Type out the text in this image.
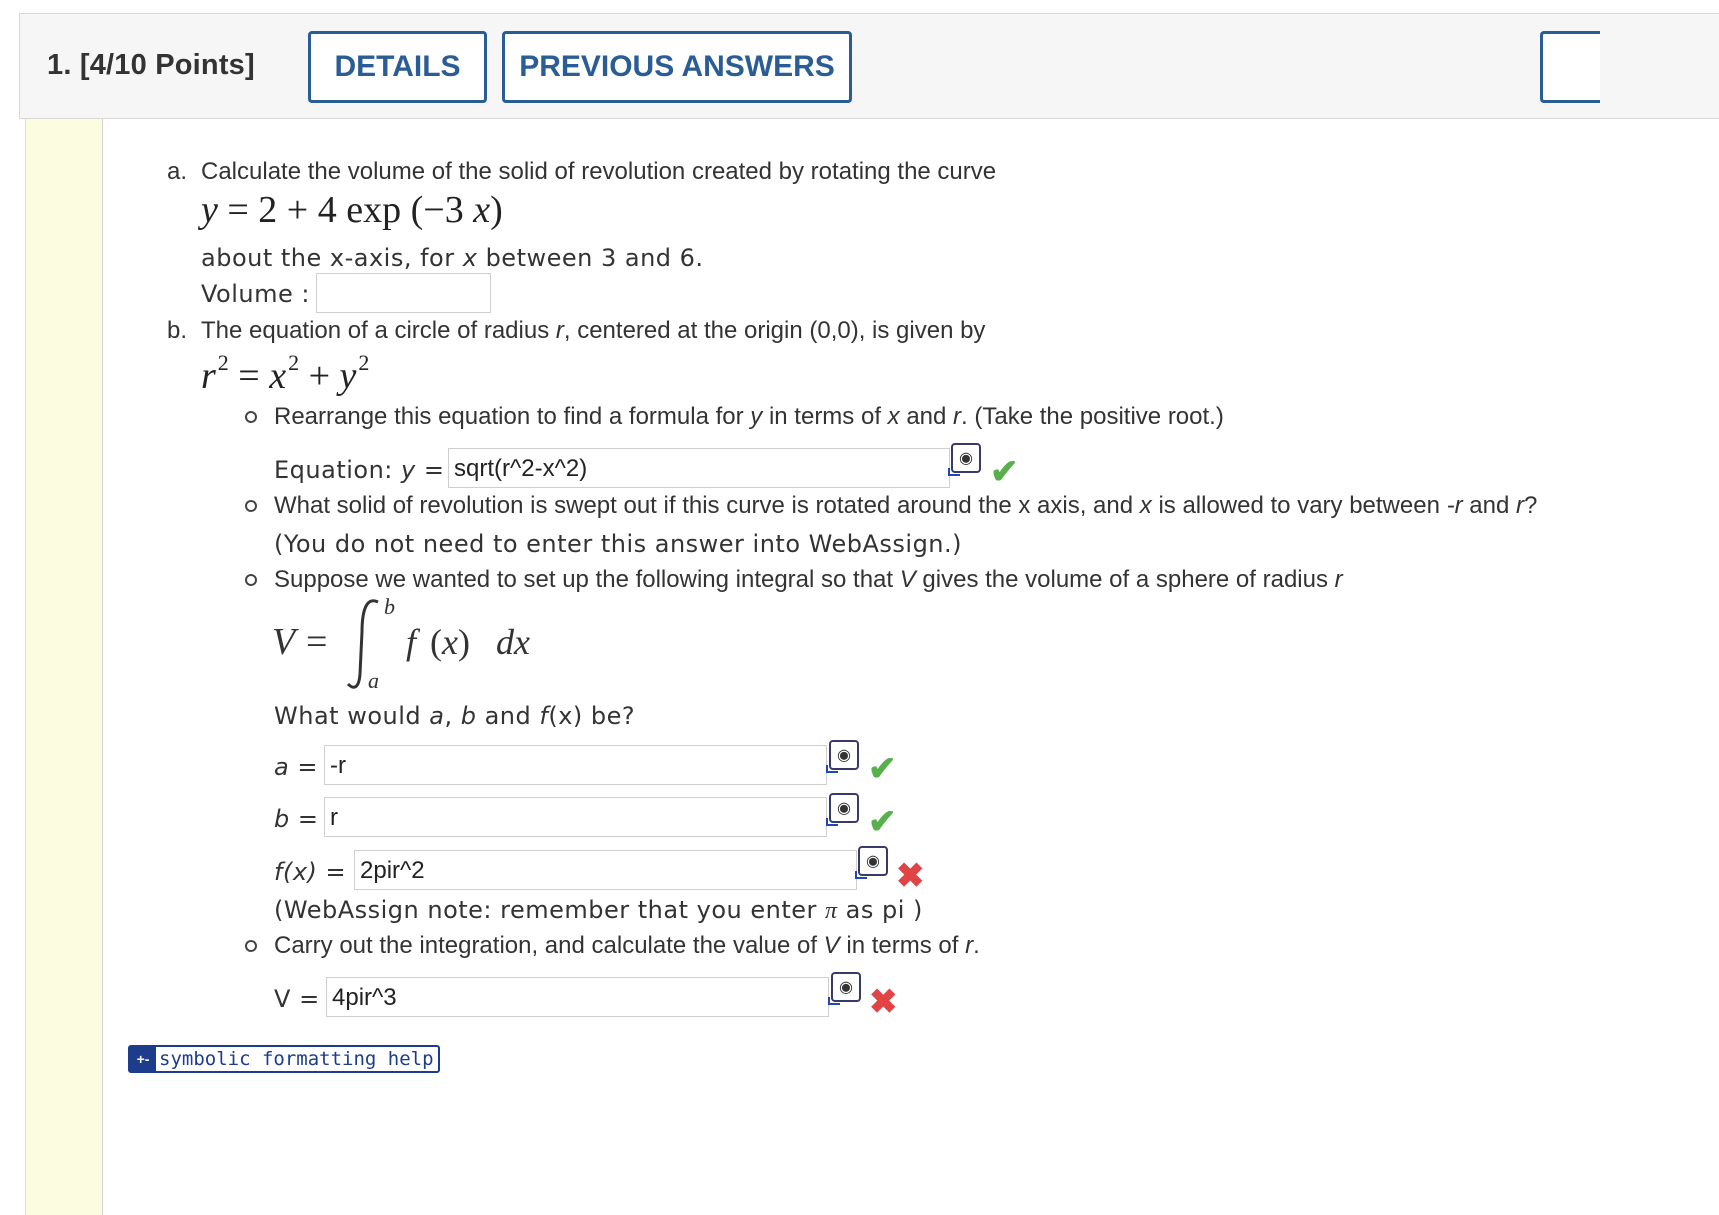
1. [4/10 Points]	DETAILS	PREVIOUS ANSWERS
a. Calculate the volume of the solid of revolution created by rotating the curve
y = 2 + 4 exp (−3 x)
about the x-axis, for x between 3 and 6.
Volume :
b. The equation of a circle of radius r, centered at the origin (0,0), is given by
$r^2 = x^2 + y^2$
Rearrange this equation to find a formula for y in terms of x and r. (Take the positive root.)
Equation: y = sqrt(r^2-x^2)	◉ ✔
What solid of revolution is swept out if this curve is rotated around the x axis, and x is allowed to vary between -r and r?
(You do not need to enter this answer into WebAssign.)
Suppose we wanted to set up the following integral so that V gives the volume of a sphere of radius r
V =
b
a
f (x) dx
What would a, b and f(x) be?
a = -r	◉ ✔
b = r	◉ ✔
f(x) = 2pir^2	◉ ✖
(WebAssign note: remember that you enter π as pi )
Carry out the integration, and calculate the value of V in terms of r.
V = 4pir^3	◉ ✖
+- symbolic formatting help
